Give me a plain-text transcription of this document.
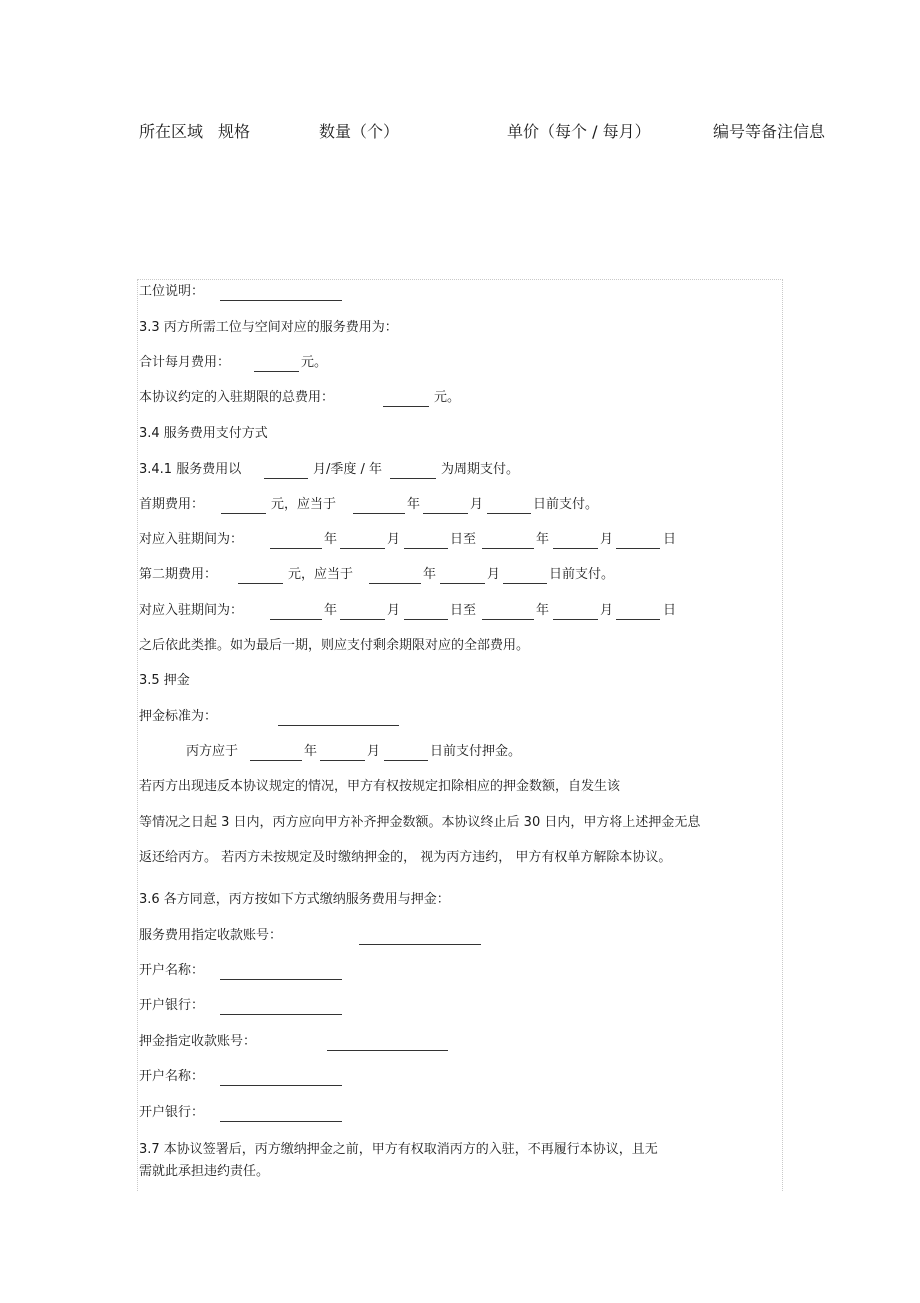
所在区域 规格	数量（个）	单价（每个 / 每月）	编号等备注信息
工位说明：
3.3 丙方所需工位与空间对应的服务费用为：
合计每月费用：	元。
本协议约定的入驻期限的总费用：	元。
3.4 服务费用支付方式
3.4.1 服务费用以	月/季度 / 年	为周期支付。
首期费用：	元，应当于	年	月	日前支付。
对应入驻期间为：	年	月	日至	年	月	日
第二期费用：	元，应当于	年	月	日前支付。
对应入驻期间为：	年	月	日至	年	月	日
之后依此类推。如为最后一期，则应支付剩余期限对应的全部费用。
3.5 押金
押金标准为：
丙方应于	年	月	日前支付押金。
若丙方出现违反本协议规定的情况，甲方有权按规定扣除相应的押金数额，自发生该
等情况之日起 3 日内，丙方应向甲方补齐押金数额。本协议终止后 30 日内，甲方将上述押金无息
返还给丙方。 若丙方未按规定及时缴纳押金的， 视为丙方违约， 甲方有权单方解除本协议。
3.6 各方同意，丙方按如下方式缴纳服务费用与押金：
服务费用指定收款账号：
开户名称：
开户银行：
押金指定收款账号：
开户名称：
开户银行：
3.7 本协议签署后，丙方缴纳押金之前，甲方有权取消丙方的入驻，不再履行本协议，且无
需就此承担违约责任。
